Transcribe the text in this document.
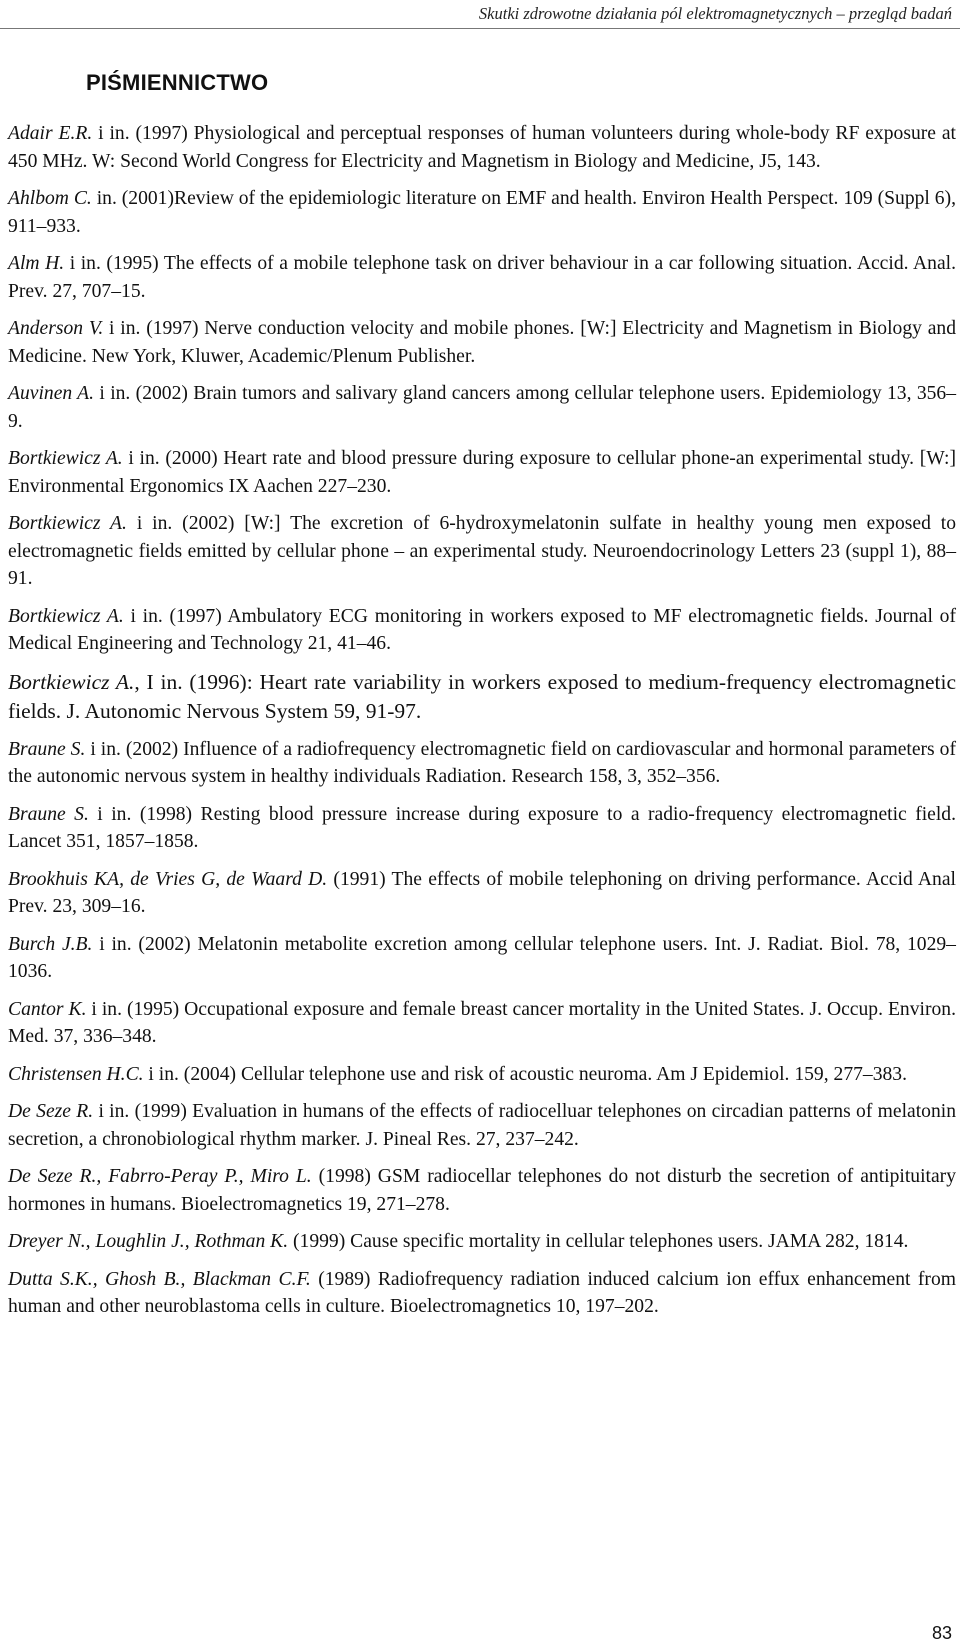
Skutki zdrowotne działania pól elektromagnetycznych – przegląd badań
PIŚMIENNICTWO

Adair E.R. i in. (1997) Physiological and perceptual responses of human volunteers during whole-body RF exposure at 450 MHz. W: Second World Congress for Electricity and Magnetism in Biology and Medicine, J5, 143.

Ahlbom C. in. (2001)Review of the epidemiologic literature on EMF and health. Environ Health Perspect. 109 (Suppl 6), 911–933.

Alm H. i in. (1995) The effects of a mobile telephone task on driver behaviour in a car following situation. Accid. Anal. Prev. 27, 707–15.

Anderson V. i in. (1997) Nerve conduction velocity and mobile phones. [W:] Electricity and Magnetism in Biology and Medicine. New York, Kluwer, Academic/Plenum Publisher.

Auvinen A. i in. (2002) Brain tumors and salivary gland cancers among cellular telephone users. Epidemiology 13, 356–9.

Bortkiewicz A. i in. (2000) Heart rate and blood pressure during exposure to cellular phone-an experimental study. [W:] Environmental Ergonomics IX Aachen 227–230.

Bortkiewicz A. i in. (2002) [W:] The excretion of 6-hydroxymelatonin sulfate in healthy young men exposed to electromagnetic fields emitted by cellular phone – an experimental study. Neuroendocrinology Letters 23 (suppl 1), 88–91.

Bortkiewicz A. i in. (1997) Ambulatory ECG monitoring in workers exposed to MF electromagnetic fields. Journal of Medical Engineering and Technology 21, 41–46.

Bortkiewicz A., I in. (1996): Heart rate variability in workers exposed to medium-frequency electromagnetic fields. J. Autonomic Nervous System 59, 91-97.

Braune S. i in. (2002) Influence of a radiofrequency electromagnetic field on cardiovascular and hormonal parameters of the autonomic nervous system in healthy individuals Radiation. Research 158, 3, 352–356.

Braune S. i in. (1998) Resting blood pressure increase during exposure to a radio-frequency electromagnetic field. Lancet 351, 1857–1858.

Brookhuis KA, de Vries G, de Waard D. (1991) The effects of mobile telephoning on driving performance. Accid Anal Prev. 23, 309–16.

Burch J.B. i in. (2002) Melatonin metabolite excretion among cellular telephone users. Int. J. Radiat. Biol. 78, 1029–1036.

Cantor K. i in. (1995) Occupational exposure and female breast cancer mortality in the United States. J. Occup. Environ. Med. 37, 336–348.

Christensen H.C. i in. (2004) Cellular telephone use and risk of acoustic neuroma. Am J Epidemiol. 159, 277–383.

De Seze R. i in. (1999) Evaluation in humans of the effects of radiocelluar telephones on circadian patterns of melatonin secretion, a chronobiological rhythm marker. J. Pineal Res. 27, 237–242.

De Seze R., Fabrro-Peray P., Miro L. (1998) GSM radiocellar telephones do not disturb the secretion of antipituitary hormones in humans. Bioelectromagnetics 19, 271–278.

Dreyer N., Loughlin J., Rothman K. (1999) Cause specific mortality in cellular telephones users. JAMA 282, 1814.

Dutta S.K., Ghosh B., Blackman C.F. (1989) Radiofrequency radiation induced calcium ion effux enhancement from human and other neuroblastoma cells in culture. Bioelectromagnetics 10, 197–202.

83
